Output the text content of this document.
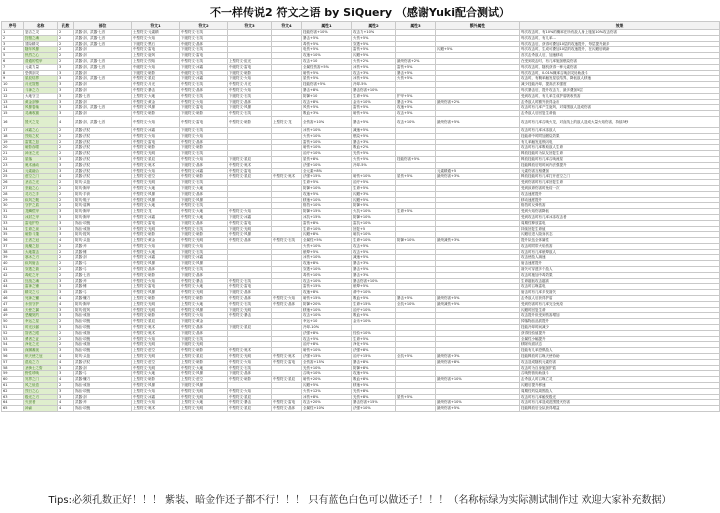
不一样传说2 符文之语 by SiQuery （感谢Yuki配合测试）
序号	名称	孔数	部位	符文1	符文2	符文3	符文4	属性1	属性2	属性3	额外属性	效果
1	怒吉之灵	2	武器·剑、武器·七首	土型符文·元素精	中型符文·石英			技能伤害+10%	攻击力+10%			每次攻击时，有10%的概率在所有敌人身上施加10%攻击伤害
2	狩猎之魂	2	武器·剑、武器·七首	中型符文·火焰	下级符文·石英			暴击+5%	火伤+5%			每次攻击时，有几率...
3	冒险精灵	2	武器·剑、武器·七首	下级符文·黑石	中级符文·晶体			毒伤+5%	穿透+5%			每次攻击后，获得可叠加10层的攻速提升，每层提升最多
4	随年风暴	2	武器·剑	中型符文·雷电	下级符文·石英			电伤+5%	雷伤+5%		闪避+5%	每次攻击时，生成可叠加10层的攻速提升，在闪避后刷新
5	热烈之心	2	武器·剑	上型符文·旋风	下级符文·雷电			攻速+10%	闪避+5%			首次击杀敌人后，加速移动
6	普通的铠甲	2	武器·剑、武器·七首	上型符文·烈焰	中型符文·石英	上型符文·虹光		攻击+10	火伤+2%	最终伤害+2%		在受到攻击时，有几率施加燃烧伤害
7	元素力量	3	武器·剑、武器·七首	中级符文·火焰	下级符文·冰霜	中级符文·雷电		全属性伤害+5%	冰伤+5%	雷伤+5%		每次攻击时，随机获得一种元素伤害
8	恐惧剑灵	3	武器·剑	下级符文·暗影	中级符文·石英	下级符文·暗影		暗伤+5%	攻击+3%	暴击+5%		每次攻击时，0.01%概率召唤剑灵协助战斗
9	星辰结界	3	武器·剑、武器·七首	中型符文·星辰	下级符文·冰霜	下级符文·火焰		星伤+5%	冰伤+5%	火伤+5%		攻击时，有概率触发星辰结界，降低敌人移速
10	月光智慧	3	武器·剑	中型符文·月光	中型符文·石英	中型符文·月光		技能伤害+5%	冷却-5%			减少技能冷却，提高法术强度
11	斗神之力	3	武器·剑	中型符文·暴击	中型符文·晶体	中型符文·火焰		暴击+8%	暴击伤害+10%			每次暴击后，提升攻击力，最多叠加5层
12	大地守卫	3	武器·七首	上型符文·大地	中型符文·石英	下级符文·石英		防御+10	生命+5%	护甲+5%		受到攻击时，有几率生成护盾吸收伤害
13	黄金剑锋	3	武器·剑	中型符文·黄金	中型符文·火焰	下级符文·晶体		攻击+8%	金币+10%	暴击+3%	最终伤害+2%	击杀敌人时额外获得金币
14	风暴卷轴	3	武器·剑、武器·七首	中型符文·风暴	下级符文·雷电	下级符文·风暴		风伤+5%	雷伤+5%	攻速+5%		攻击时有几率产生旋风，对周围敌人造成伤害
15	灵魂收割	3	武器·剑	中型符文·暗影	下级符文·暗影	中型符文·石英		吸血+3%	暗伤+5%	攻击+5%		击杀敌人后回复生命值
16	毁灭之龙	4	武器·剑、武器·七首	中型符文·火焰	中型符文·雷电	中型符文·暗影	上型符文·龙	全伤害+10%	暴击+5%	攻击+10%	最终伤害+5%	攻击时有几率召唤火龙，对直线上的敌人造成大量火焰伤害，持续3秒
17	冰霜之心	2	武器·法杖	中型符文·冰霜	下级符文·石英			冰伤+10%	减速+5%			攻击时有几率冰冻敌人
18	烈焰之杖	2	武器·法杖	中型符文·火焰	下级符文·火焰			火伤+10%	燃烧+5%			技能命中时附加燃烧效果
19	雷霆之怒	2	武器·法杖	中型符文·雷电	中型符文·晶体			雷伤+10%	暴击+3%			有几率触发连锁闪电
20	暗影吞噬	2	武器·法杖	中型符文·暗影	下级符文·暗影			暗伤+10%	吸血+2%			攻击时有几率吸取敌人生命
21	神圣之光	2	武器·法杖	中型符文·光明	下级符文·石英			治疗+10%	光伤+5%			释放技能时为队友回复生命
22	星落	3	武器·法杖	中型符文·星辰	中型符文·火焰	下级符文·星辰		星伤+8%	火伤+5%	技能伤害+5%		释放技能时有几率召唤流星
23	奥术涌动	3	武器·法杖	中型符文·奥术	下级符文·晶体	中型符文·奥术		法强+10%	冷却-5%			技能释放后短时间内法强提升
24	元素融合	3	武器·法杖	中型符文·火焰	中型符文·冰霜	中型符文·雷电		全元素+8%			元素精通+5	元素伤害互相叠加
25	虚空之门	4	武器·法杖	上型符文·虚空	中型符文·暗影	中型符文·星辰	中型符文·奥术	法强+15%	暗伤+10%	星伤+5%	最终伤害+3%	释放技能时有几率打开虚空之门
26	圣洁之光	2	防具·头盔	中型符文·光明	下级符文·石英			生命+5%	治疗+5%			受到伤害时有几率回复生命
27	坚毅之心	2	防具·胸甲	中型符文·大地	下级符文·大地			防御+10%	生命+5%			受到致命伤害时免疫一次
28	灵巧之手	2	防具·手套	中型符文·风暴	下级符文·晶体			攻速+5%	闪避+3%			攻击速度提升
29	疾风之靴	2	防具·鞋子	中型符文·风暴	下级符文·风暴			移速+10%	闪避+5%			移动速度提升
30	守护之盾	2	防具·盾牌	中型符文·大地	中型符文·石英			格挡+10%	防御+5%			格挡时反弹伤害
31	龙鳞铠甲	3	防具·胸甲	上型符文·龙	中型符文·大地	中型符文·火焰		防御+15%	火抗+10%	生命+5%		受到火焰伤害降低
32	冰封之甲	3	防具·胸甲	中型符文·冰霜	中型符文·大地	下级符文·冰霜		冰抗+15%	防御+10%			受到攻击时有几率冰冻攻击者
33	雷电护符	3	饰品·项链	中型符文·雷电	下级符文·晶体	中型符文·雷电		雷伤+8%	雷抗+10%			周期性释放雷电
34	生命之泉	3	饰品·戒指	中型符文·光明	中型符文·石英	下级符文·光明		生命+10%	回复+5			持续回复生命值
35	暗影斗篷	3	防具·披风	中型符文·暗影	下级符文·暗影	中型符文·风暴		闪避+8%	暗抗+10%			闪避后进入隐身状态
36	王者之冠	4	防具·头盔	上型符文·黄金	中型符文·光明	中型符文·晶体	中型符文·石英	全属性+5%	生命+10%	防御+10%	最终减伤+3%	提升队伍全体属性
37	炎魔之怒	2	武器·斧	中型符文·火焰	下级符文·火焰			火伤+10%	攻击+5%			攻击时附带火焰伤害
38	大地震击	2	武器·锤	中型符文·大地	下级符文·石英			眩晕+5%	攻击+5%			攻击时有几率眩晕敌人
39	寒冰之刃	2	武器·剑	中型符文·冰霜	下级符文·冰霜			冰伤+10%	减速+5%			攻击使敌人减速
40	疾风射击	2	武器·弓	中型符文·风暴	下级符文·风暴			攻速+8%	暴击+3%			射击速度提升
41	穿透之箭	2	武器·弓	中型符文·晶体	中型符文·石英			穿透+10%	暴击+5%			箭矢可穿透多个敌人
42	毒蛇之牙	2	武器·七首	中型符文·暗影	下级符文·晶体			毒伤+10%	暴击+3%			攻击时施加中毒效果
43	狂战之魂	3	武器·斧	中型符文·火焰	中型符文·暴击	中型符文·石英		攻击+10%	暴击伤害+10%			生命越低攻击越高
44	雷神之锤	3	武器·锤	上型符文·雷电	中型符文·大地	中型符文·雷电		雷伤+15%	眩晕+5%			攻击时召唤雷电
45	精灵之弓	3	武器·弓	中型符文·风暴	中型符文·光明	下级符文·晶体		攻速+8%	命中+10%			射击时有几率多发箭矢
46	死神之镰	4	武器·镰刀	上型符文·暗影	中型符文·暗影	中型符文·晶体	中型符文·火焰	暗伤+15%	吸血+5%	暴击+5%	最终伤害+5%	击杀敌人后获得护盾
47	永恒守护	4	防具·胸甲	上型符文·光明	上型符文·大地	中型符文·石英	中型符文·晶体	防御+20%	生命+15%	全抗+10%	最终减伤+5%	受到伤害时有几率完全免疫
48	天使之翼	3	防具·披风	中型符文·光明	中型符文·风暴	下级符文·光明		移速+10%	治疗+10%			闪避时回复生命
49	恶魔契约	3	饰品·戒指	中型符文·暗影	中型符文·火焰	中型符文·暴击		攻击+10%	吸血+5%			攻击提升但受到伤害增加
50	幸运之星	2	饰品·项链	中型符文·星辰	下级符文·黄金			幸运+10	金币+10%			掉落物品品质提升
51	时光沙漏	3	饰品·项链	中型符文·奥术	中型符文·晶体	下级符文·星辰		冷却-10%				技能冷却时间减少
52	智者之眼	2	饰品·戒指	中型符文·奥术	下级符文·晶体			法强+8%	经验+10%			获得经验值提升
53	勇者之证	2	饰品·项链	中型符文·火焰	下级符文·石英			攻击+5%	生命+5%			全属性小幅提升
54	净化之光	2	饰品·戒指	中型符文·光明	下级符文·光明			治疗+8%	净化+5%			移除负面状态
55	深渊凝视	3	饰品·项链	上型符文·虚空	中型符文·暗影	中型符文·奥术		暗伤+10%	法强+8%			技能有几率恐惧敌人
56	炽天使之冠	4	防具·头盔	上型符文·光明	上型符文·星辰	中型符文·光明	中型符文·奥术	法强+15%	治疗+15%	全抗+5%	最终伤害+3%	技能释放时召唤天使协助
57	混沌之力	4	武器·法杖	上型符文·虚空	上型符文·暗影	中型符文·火焰	中型符文·雷电	全伤害+15%	暴击+8%		最终伤害+8%	攻击造成随机元素伤害
58	圣骑士之誓	3	武器·剑	中型符文·光明	中型符文·大地	中型符文·石英		光伤+10%	防御+8%			攻击时为自身施加护盾
59	野性呼唤	3	武器·弓	中型符文·大地	中型符文·风暴	下级符文·晶体		召唤+10%	攻速+5%			召唤野兽协助战斗
60	冥界之门	4	武器·镰刀	上型符文·暗影	上型符文·虚空	中型符文·暗影	中型符文·星辰	暗伤+20%	吸血+8%		最终伤害+10%	击杀敌人时召唤亡灵
61	风之低语	2	饰品·戒指	中型符文·风暴	下级符文·风暴			闪避+5%	移速+5%			闪避后提升移速
62	烈日之心	3	饰品·项链	上型符文·火焰	中型符文·光明	中型符文·火焰		火伤+12%	光伤+8%			周期性灼烧周围敌人
63	极光之刃	3	武器·剑	中型符文·冰霜	中型符文·光明	中型符文·星辰		冰伤+8%	光伤+8%	星伤+5%		攻击时有几率触发极光
64	灭世者	4	武器·斧	上型符文·火焰	上型符文·大地	中型符文·暴击	中型符文·雷电	攻击+20%	暴击伤害+15%		最终伤害+10%	攻击时有几率造成范围毁灭伤害
65	神谕	4	饰品·项链	上型符文·奥术	上型符文·光明	中型符文·星辰	中型符文·晶体	全属性+10%	法强+10%		最终伤害+5%	技能释放后全队获得增益
Tips:必须孔数正好！！！ 紫装、暗金作还子都不行！！！ 只有蓝色白色可以做还子！！！（名称标绿为实际测试制作过 欢迎大家补充数据）
